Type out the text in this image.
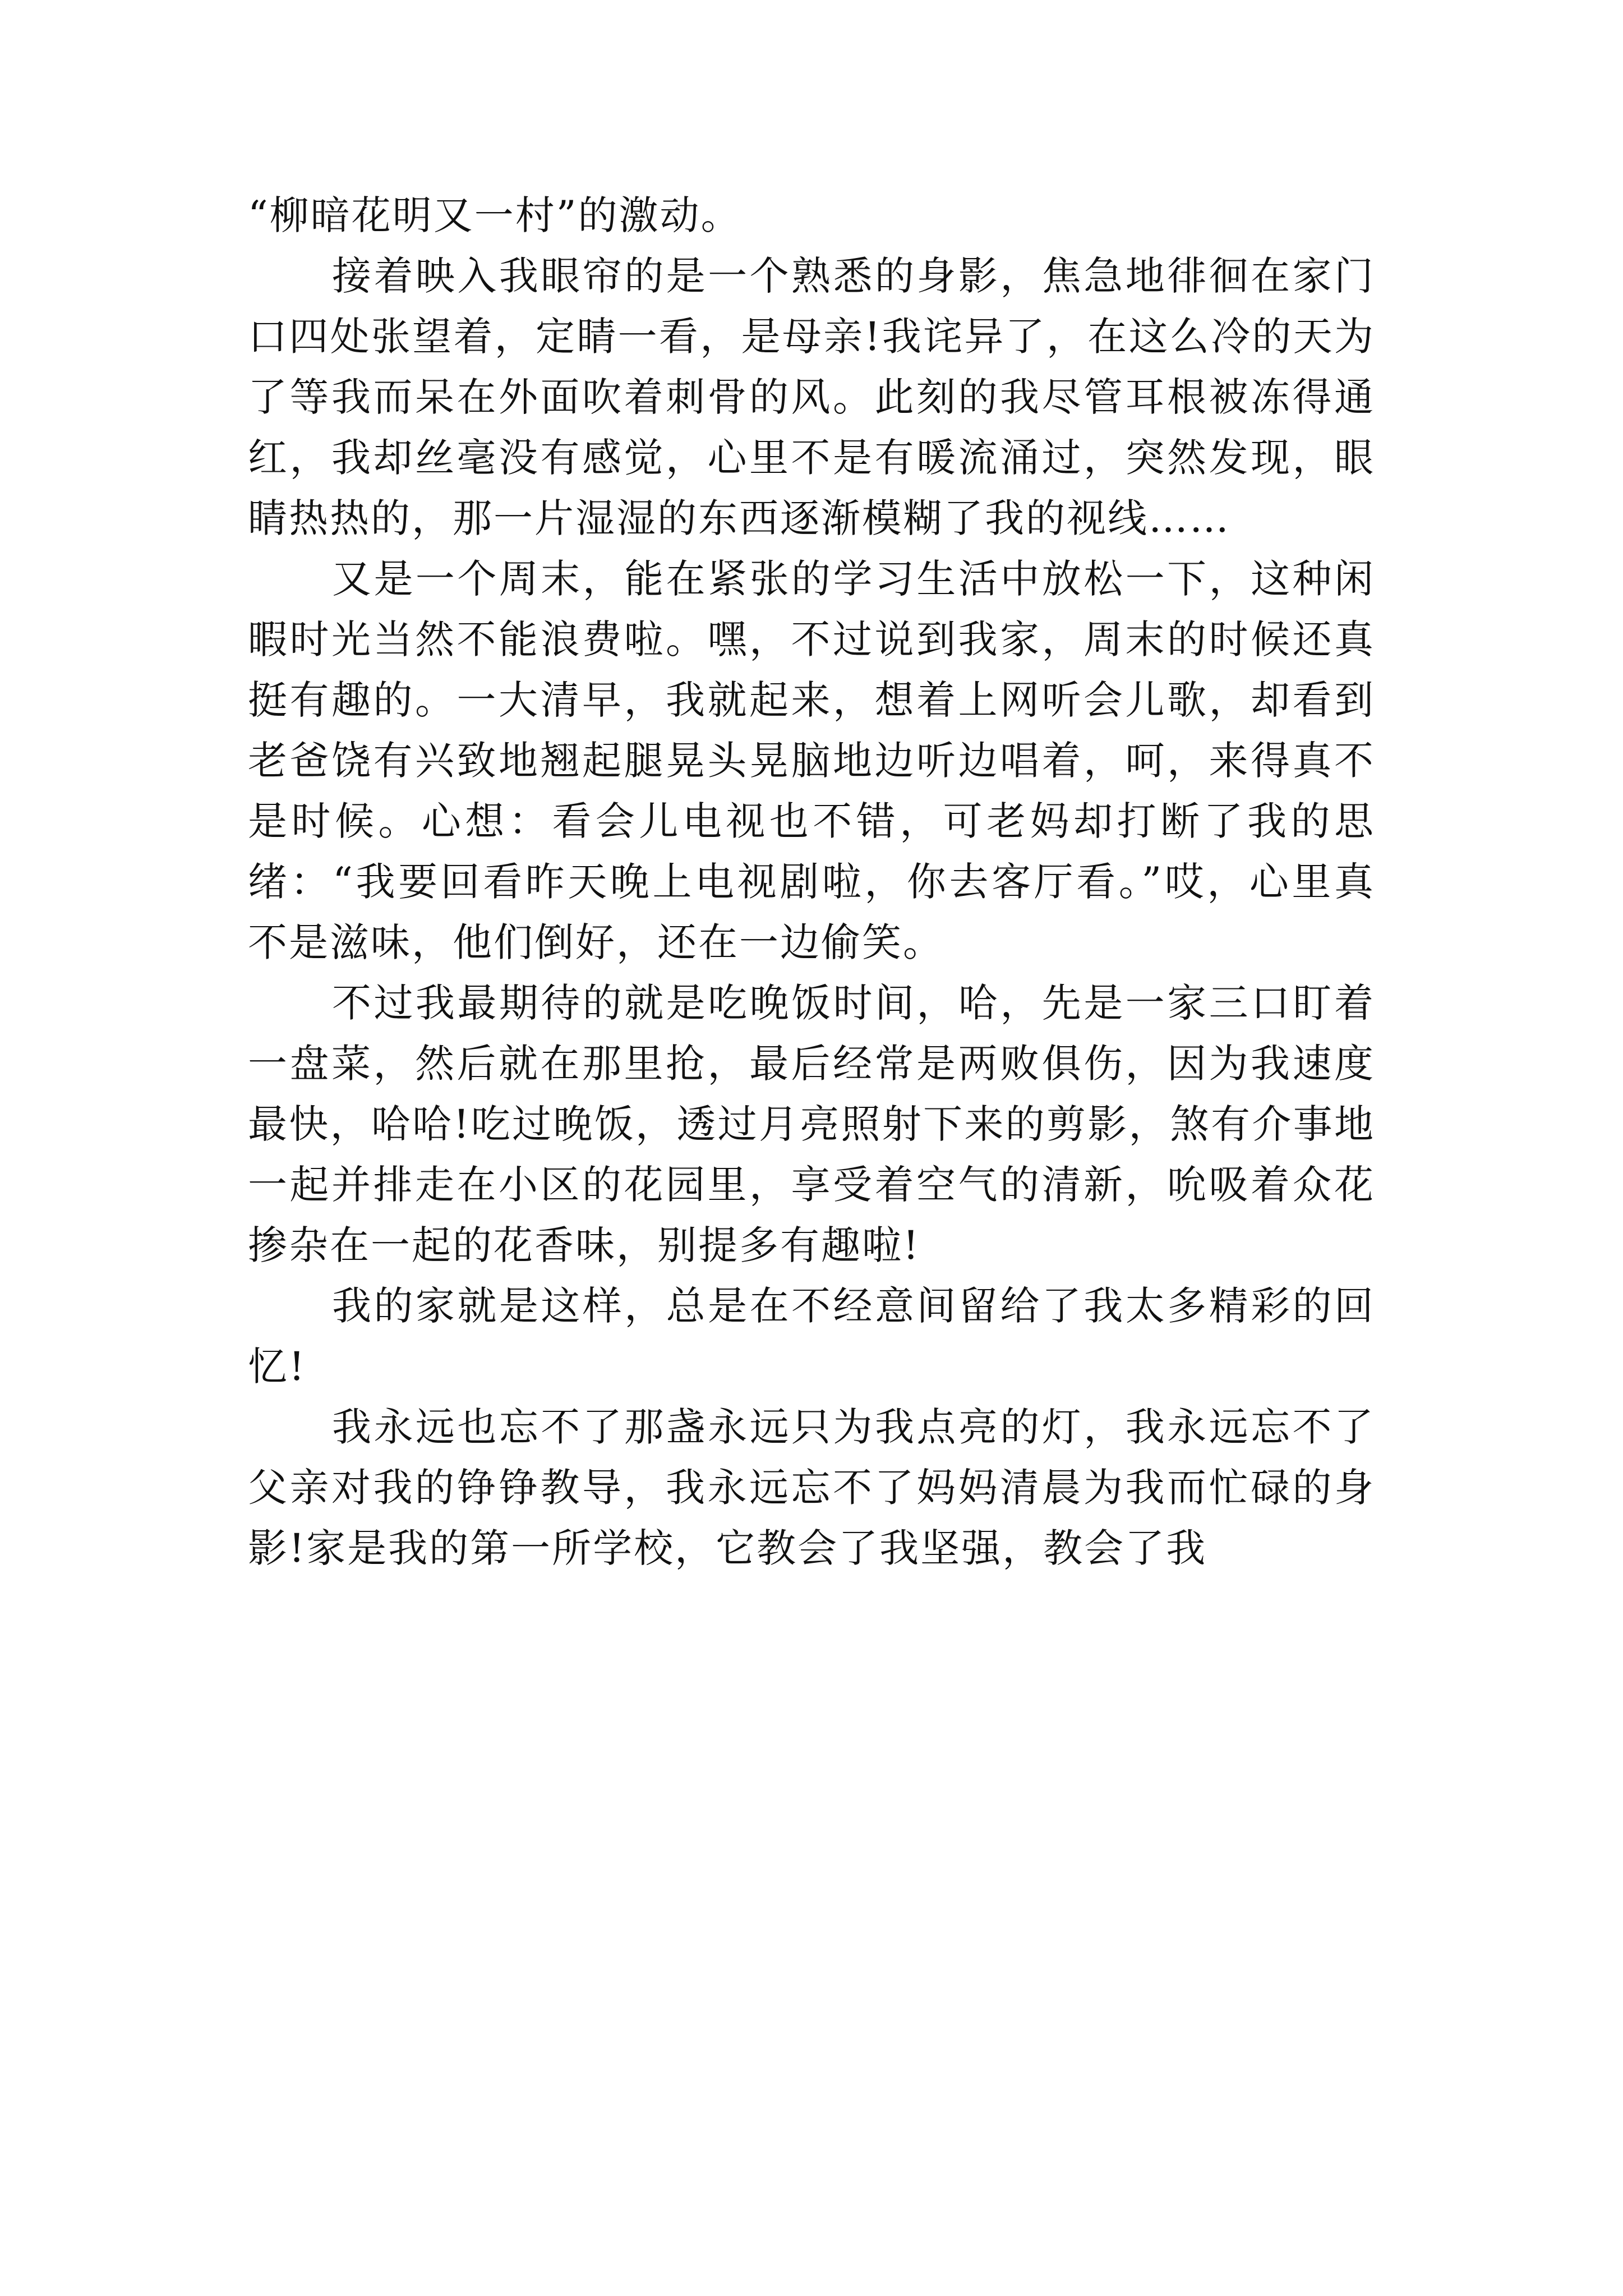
“柳暗花明又一村”的激动。

接着映入我眼帘的是一个熟悉的身影，焦急地徘徊在家门口四处张望着，定睛一看，是母亲!我诧异了，在这么冷的天为了等我而呆在外面吹着刺骨的风。此刻的我尽管耳根被冻得通红，我却丝毫没有感觉，心里不是有暖流涌过，突然发现，眼睛热热的，那一片湿湿的东西逐渐模糊了我的视线……

又是一个周末，能在紧张的学习生活中放松一下，这种闲暇时光当然不能浪费啦。嘿，不过说到我家，周末的时候还真挺有趣的。一大清早，我就起来，想着上网听会儿歌，却看到老爸饶有兴致地翘起腿晃头晃脑地边听边唱着，呵，来得真不是时候。心想：看会儿电视也不错，可老妈却打断了我的思绪：“我要回看昨天晚上电视剧啦，你去客厅看。”哎，心里真不是滋味，他们倒好，还在一边偷笑。

不过我最期待的就是吃晚饭时间，哈，先是一家三口盯着一盘菜，然后就在那里抢，最后经常是两败俱伤，因为我速度最快，哈哈!吃过晚饭，透过月亮照射下来的剪影，煞有介事地一起并排走在小区的花园里，享受着空气的清新，吮吸着众花掺杂在一起的花香味，别提多有趣啦!

我的家就是这样，总是在不经意间留给了我太多精彩的回忆!

我永远也忘不了那盏永远只为我点亮的灯，我永远忘不了父亲对我的铮铮教导，我永远忘不了妈妈清晨为我而忙碌的身影!家是我的第一所学校，它教会了我坚强，教会了我
